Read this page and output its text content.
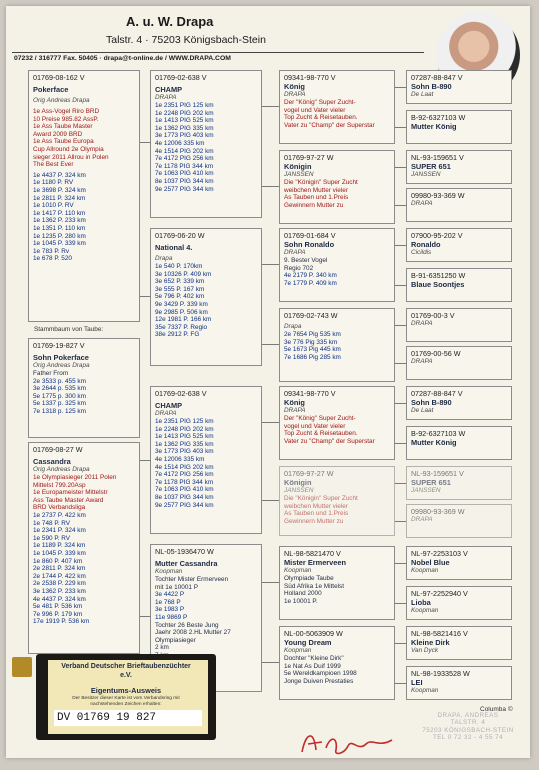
A. u. W. Drapa
Talstr. 4 · 75203 Königsbach-Stein
07232 / 316777 Fax. 50405 · drapa@t-online.de / WWW.DRAPA.COM
01769-08-162 V
Pokerface
Orig Andreas Drapa
1e Ass-Vogel Riro BRD
10 Preise 985.82 AssP.
1e Ass Taube Master
Award 2009 BRD
1e Ass Taube Europa
Cup Allround 2e Olympia
sieger 2011 Allrou in Polen
The Best Ever
1e 4437 P. 324 km
1e 1180 P. RV
1e 3698 P. 324 km
1e 2811 P. 324 km
1e 1010 P. RV
1e 1417 P. 110 km
1e 1362 P. 233 km
1e 1351 P. 110 km
1e 1235 P. 280 km
1e 1045 P. 339 km
1e 783 P. Rv
1e 678 P. 520
Stammbaum von Taube:
01769-19-827 V
Sohn Pokerface
Orig Andreas Drapa
Father From
2e 3533 p. 455 km
3e 2644 p. 535 km
5e 1775 p. 300 km
5e 1337 p. 325 km
7e 1318 p. 125 km
01769-08-27 W
Cassandra
Orig Andreas Drapa
1e Olympiasieger 2011 Polen
Mittelst 799.20Asp
1e Europameister Mittelstr
Ass Taube Master Award
BRD Verbandsliga
1e 2737 P. 422 km
1e 748 P. RV
1e 2341 P. 324 km
1e 590 P. RV
1e 1189 P. 324 km
1e 1045 P. 339 km
1e 860 P. 407 km
2e 2811 P. 324 km
2e 1744 P. 422 km
2e 2538 P. 229 km
3e 1362 P. 233 km
4e 4437 P. 324 km
5e 481 P. 536 km
7e 996 P. 179 km
17e 1919 P. 536 km
01769-02-638 V
CHAMP
DRAPA
1e 2351 PIG 125 km
1e 2248 PIG 202 km
1e 1413 PIG 525 km
1e 1362 PIG 335 km
3e 1773 PIG 403 km
4e 12006 335 km
4e 1514 PIG 202 km
7e 4172 PIG 256 km
7e 1178 PIG 344 km
7e 1063 PIG 410 km
8e 1037 PIG 344 km
9e 2577 PIG 344 km
01769-06-20 W
National 4.
Drapa
1e 540 P. 170km
3e 10326 P. 409 km
3e 652 P. 339 km
3e 555 P. 167 km
5e 796 P. 402 km
9e 3429 P. 339 km
9e 2985 P. 506 km
12e 1981 P. 166 km
35e 7337 P. Regio
38e 2912 P. FG
01769-02-638 V
CHAMP
DRAPA
1e 2351 PIG 125 km
1e 2248 PIG 202 km
1e 1413 PIG 525 km
1e 1362 PIG 335 km
3e 1773 PIG 403 km
4e 12006 335 km
4e 1514 PIG 202 km
7e 4172 PIG 256 km
7e 1178 PIG 344 km
7e 1063 PIG 410 km
8e 1037 PIG 344 km
9e 2577 PIG 344 km
NL-05-1936470 W
Mutter Cassandra
Koopman
Tochter Mister Ermerveen
mit 1e 10001 P
3e 4422 P
1e 768 P
3e 1983 P
11e 9869 P
Tochter 26 Beste Jung
Jaehr 2008 2.HL Mutter 27
Olympiasieger
2 km
09341-98-770 V
König
DRAPA
Der "König" Super Zucht-
vogel und Vater vieler
Top Zucht & Reisetauben.
Vater zu "Champ" der Superstar
01769-97-27 W
Königin
JANSSEN
Die "Königin" Super Zucht
weibchen Mutter vieler
As Tauben und 1.Preis
Gewinnern Mutter zu
01769-01-684 V
Sohn Ronaldo
DRAPA
9. Bester Vogel
Regio 702
4e 2179 P. 340 km
7e 1779 P. 409 km
01769-02-743 W
Drapa
2e 7654 Pig 535 km
3e 776 Pig 335 km
5e 1673 Pig 445 km
7e 1686 Pig 285 km
09341-98-770 V
König
DRAPA
Der "König" Super Zucht-
vogel und Vater vieler
Top Zucht & Reisetauben.
Vater zu "Champ" der Superstar
01769-97-27 W
Königin
JANSSEN
Die "Königin" Super Zucht
weibchen Mutter vieler
As Tauben und 1.Preis
Gewinnern Mutter zu
NL-98-5821470 V
Mister Ermerveen
Koopman
Olympiade Taube
Süd Afrika 1e Mittelst
Holland 2000
1e 10001 P.
NL-00-5063909 W
Young Dream
Koopman
Dochter "Kleine Dirk"
1e Nat As Duif 1999
5e Wereldkampioen 1998
Jonge Duiven Prestaties
07287-88-847 V
Sohn B-890
De Laat
B-92-6327103 W
Mutter König
NL-93-159651 V
SUPER 651
JANSSEN
09980-93-369 W
DRAPA
07900-95-202 V
Ronaldo
Cicildis
B-91-6351250 W
Blaue Soontjes
01769-00-3 V
DRAPA
01769-00-56 W
DRAPA
07287-88-847 V
Sohn B-890
De Laat
B-92-6327103 W
Mutter König
NL-93-159651 V
SUPER 651
JANSSEN
09980-93-369 W
DRAPA
NL-97-2253103 V
Nobel Blue
Koopman
NL-97-2252940 V
Lioba
Koopman
NL-98-5821416 V
Kleine Dirk
Van Dyck
NL-98-1933528 W
LEI
Koopman
Verband Deutscher Brieftaubenzüchter e.V.
Eigentums-Ausweis
Der Besitzer dieser Karte ist vom Verbandsring mit nachstehenden Zeichen erhalten:
DV 01769 19 827
Columba ©
DRAPA, ANDREAS
TALSTR. 4
75203 KÖNIGSBACH-STEIN
TEL 0 72 32 - 4 55 74
